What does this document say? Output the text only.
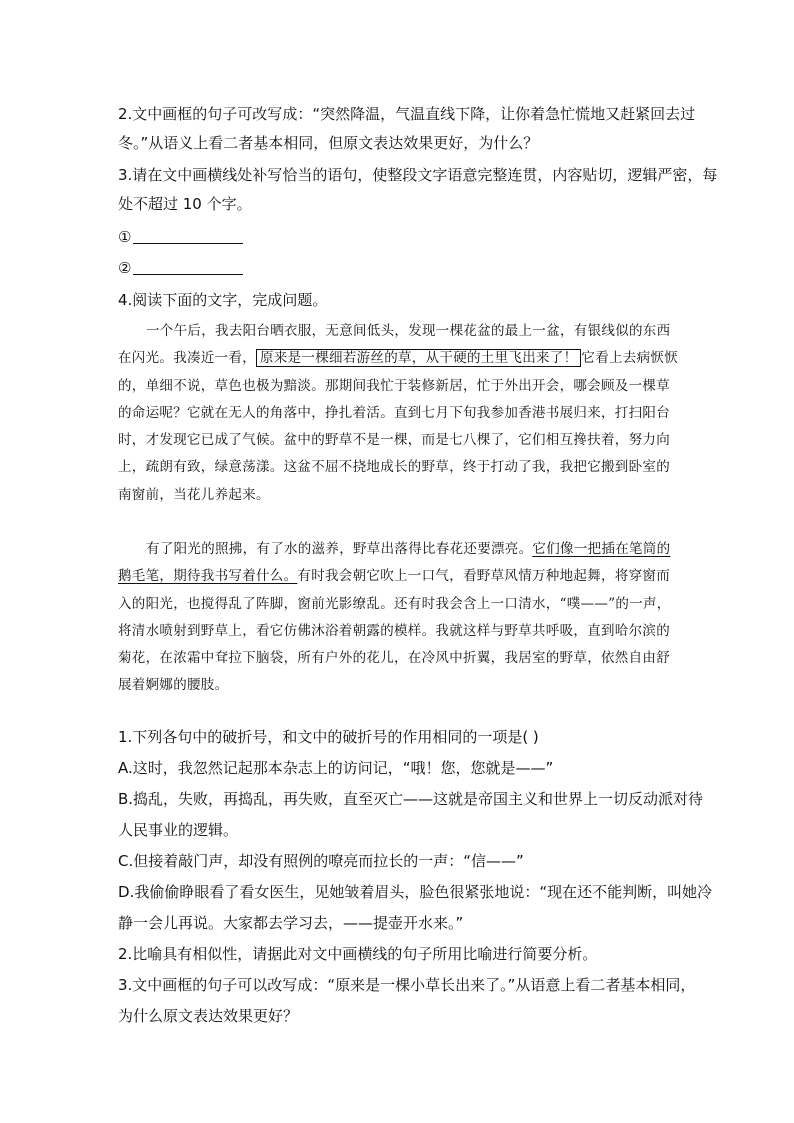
2.文中画框的句子可改写成：“突然降温，气温直线下降，让你着急忙慌地又赶紧回去过
冬。”从语义上看二者基本相同，但原文表达效果更好，为什么？
3.请在文中画横线处补写恰当的语句，使整段文字语意完整连贯，内容贴切，逻辑严密，每
处不超过 10 个字。
①
②
4.阅读下面的文字，完成问题。
一个午后，我去阳台晒衣服，无意间低头，发现一棵花盆的最上一盆，有银线似的东西
在闪光。我凑近一看， 原来是一棵细若游丝的草，从干硬的土里飞出来了！ 它看上去病恹恹
的，单细不说，草色也极为黯淡。那期间我忙于装修新居，忙于外出开会，哪会顾及一棵草
的命运呢？它就在无人的角落中，挣扎着活。直到七月下旬我参加香港书展归来，打扫阳台
时，才发现它已成了气候。盆中的野草不是一棵，而是七八棵了，它们相互搀扶着，努力向
上，疏朗有致，绿意荡漾。这盆不屈不挠地成长的野草，终于打动了我，我把它搬到卧室的
南窗前，当花儿养起来。
有了阳光的照拂，有了水的滋养，野草出落得比春花还要漂亮。它们像一把插在笔筒的
鹅毛笔，期待我书写着什么。有时我会朝它吹上一口气，看野草风情万种地起舞，将穿窗而
入的阳光，也搅得乱了阵脚，窗前光影缭乱。还有时我会含上一口清水，“噗——”的一声，
将清水喷射到野草上，看它仿佛沐浴着朝露的模样。我就这样与野草共呼吸，直到哈尔滨的
菊花，在浓霜中耷拉下脑袋，所有户外的花儿，在冷风中折翼，我居室的野草，依然自由舒
展着婀娜的腰肢。
1.下列各句中的破折号，和文中的破折号的作用相同的一项是( )
A.这时，我忽然记起那本杂志上的访问记，“哦！您，您就是——”
B.捣乱，失败，再捣乱，再失败，直至灭亡——这就是帝国主义和世界上一切反动派对待
人民事业的逻辑。
C.但接着敲门声，却没有照例的嘹亮而拉长的一声：“信——”
D.我偷偷睁眼看了看女医生，见她皱着眉头，脸色很紧张地说：“现在还不能判断，叫她冷
静一会儿再说。大家都去学习去，——提壶开水来。”
2.比喻具有相似性，请据此对文中画横线的句子所用比喻进行简要分析。
3.文中画框的句子可以改写成：“原来是一棵小草长出来了。”从语意上看二者基本相同，
为什么原文表达效果更好？
